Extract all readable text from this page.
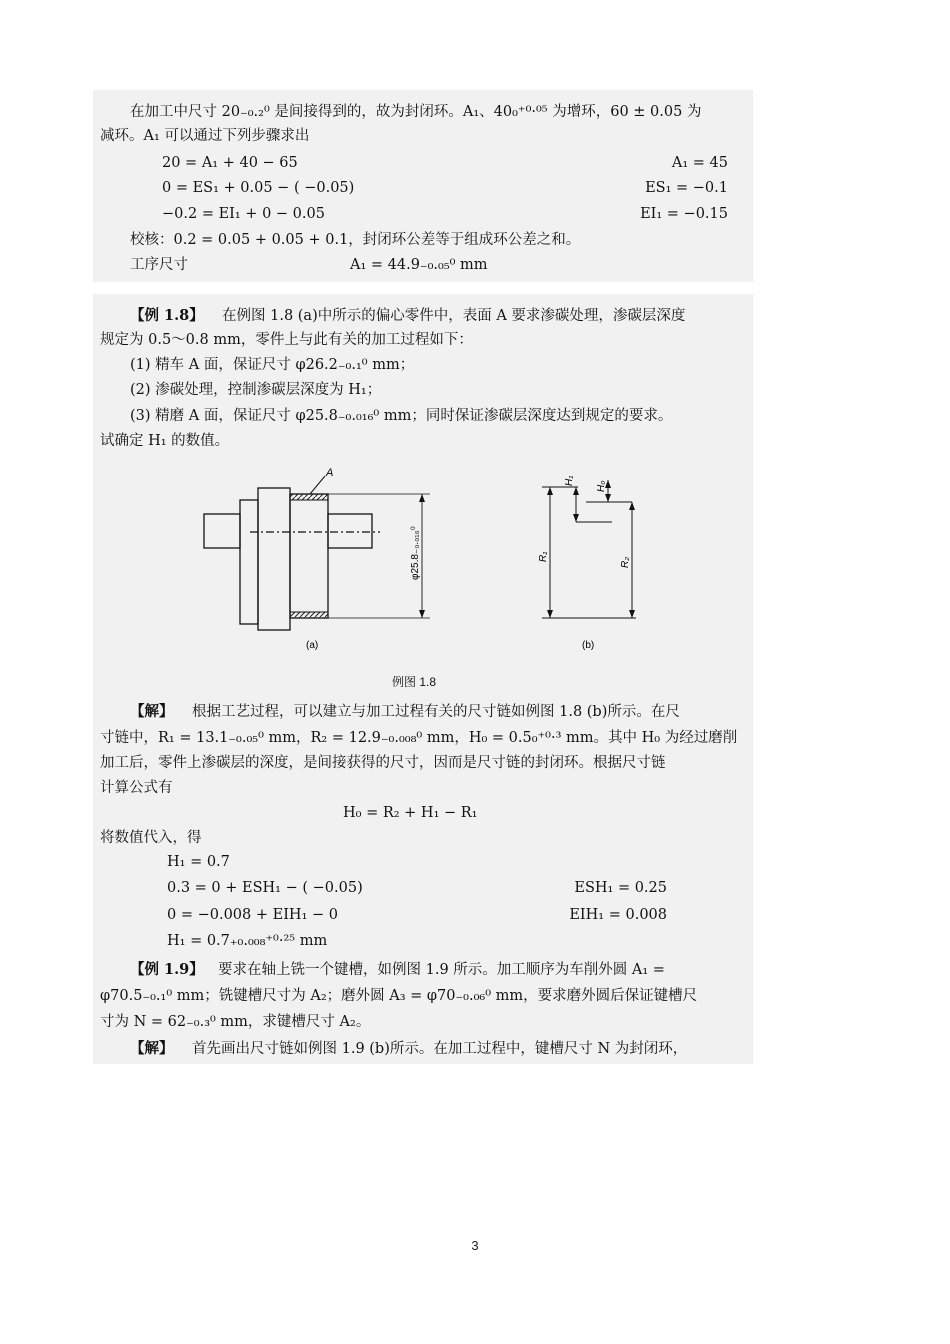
在加工中尺寸 20₋₀.₂⁰ 是间接得到的，故为封闭环。A₁、40₀⁺⁰·⁰⁵ 为增环，60 ± 0.05 为
减环。A₁ 可以通过下列步骤求出
20 = A₁ + 40 − 65	A₁ = 45
0 = ES₁ + 0.05 − ( −0.05)	ES₁ = −0.1
−0.2 = EI₁ + 0 − 0.05	EI₁ = −0.15
校核：0.2 = 0.05 + 0.05 + 0.1，封闭环公差等于组成环公差之和。
工序尺寸	A₁ = 44.9₋₀.₀₅⁰ mm
【例 1.8】 在例图 1.8 (a)中所示的偏心零件中，表面 A 要求渗碳处理，渗碳层深度
规定为 0.5～0.8 mm，零件上与此有关的加工过程如下：
(1) 精车 A 面，保证尺寸 φ26.2₋₀.₁⁰ mm；
(2) 渗碳处理，控制渗碳层深度为 H₁；
(3) 精磨 A 面，保证尺寸 φ25.8₋₀.₀₁₆⁰ mm；同时保证渗碳层深度达到规定的要求。
试确定 H₁ 的数值。
A
φ25.8₋₀.₀₁₆⁰
(a)
H₁ H₀
R₁
R₂
(b)
例图 1.8
【解】 根据工艺过程，可以建立与加工过程有关的尺寸链如例图 1.8 (b)所示。在尺
寸链中，R₁ = 13.1₋₀.₀₅⁰ mm，R₂ = 12.9₋₀.₀₀₈⁰ mm，H₀ = 0.5₀⁺⁰·³ mm。其中 H₀ 为经过磨削
加工后，零件上渗碳层的深度，是间接获得的尺寸，因而是尺寸链的封闭环。根据尺寸链
计算公式有
H₀ = R₂ + H₁ − R₁
将数值代入，得
H₁ = 0.7
0.3 = 0 + ESH₁ − ( −0.05)	ESH₁ = 0.25
0 = −0.008 + EIH₁ − 0	EIH₁ = 0.008
H₁ = 0.7₊₀.₀₀₈⁺⁰·²⁵ mm
【例 1.9】 要求在轴上铣一个键槽，如例图 1.9 所示。加工顺序为车削外圆 A₁ =
φ70.5₋₀.₁⁰ mm；铣键槽尺寸为 A₂；磨外圆 A₃ = φ70₋₀.₀₆⁰ mm，要求磨外圆后保证键槽尺
寸为 N = 62₋₀.₃⁰ mm，求键槽尺寸 A₂。
【解】 首先画出尺寸链如例图 1.9 (b)所示。在加工过程中，键槽尺寸 N 为封闭环，
3
